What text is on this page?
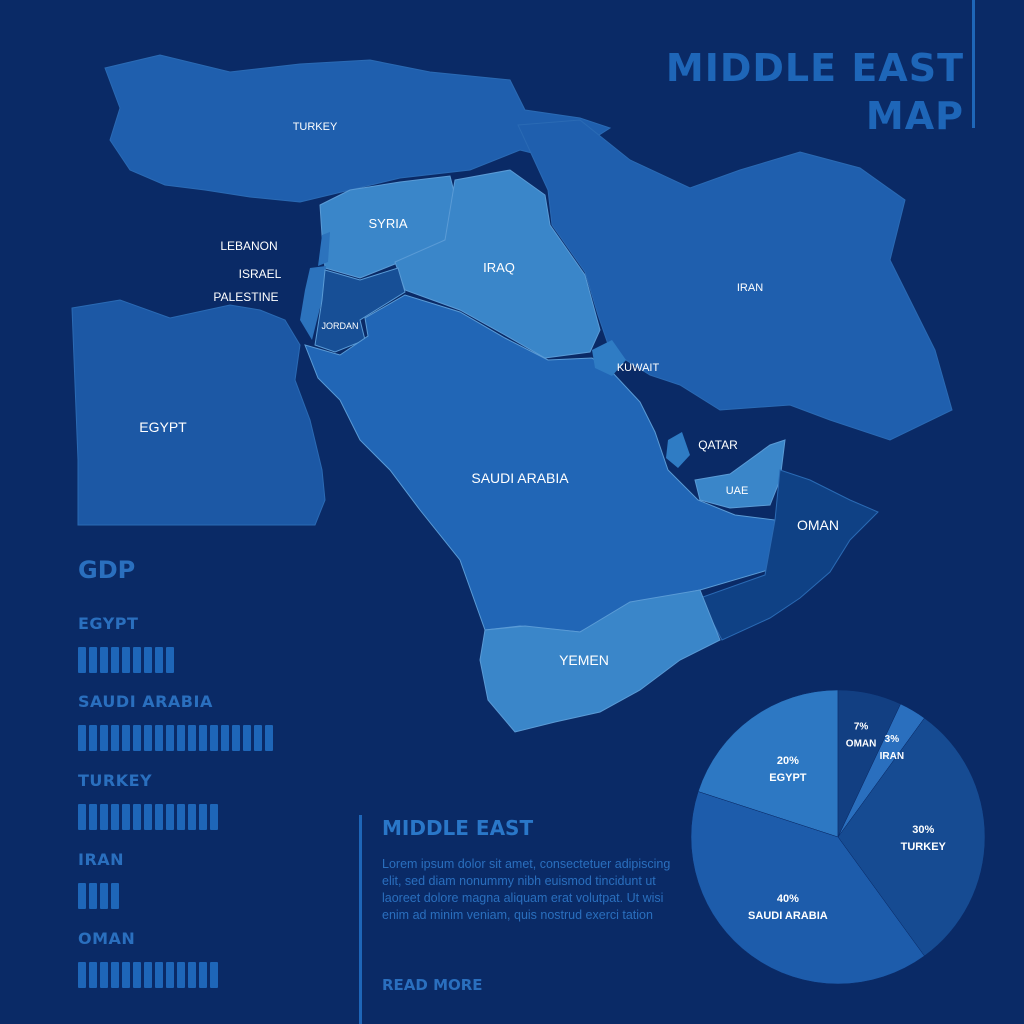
TURKEY
SYRIA
LEBANON
ISRAEL
PALESTINE
JORDAN
IRAQ
IRAN
KUWAIT
QATAR
UAE
OMAN
SAUDI ARABIA
YEMEN
EGYPT
20%
EGYPT
7%
OMAN 3%
IRAN
30%
TURKEY
40%
SAUDI ARABIA
MIDDLE EAST
MAP
GDP
EGYPT
SAUDI ARABIA
TURKEY
IRAN
OMAN
MIDDLE EAST
Lorem ipsum dolor sit amet, consectetuer adipiscing elit, sed diam nonummy nibh euismod tincidunt ut laoreet dolore magna aliquam erat volutpat. Ut wisi enim ad minim veniam, quis nostrud exerci tation
READ MORE
